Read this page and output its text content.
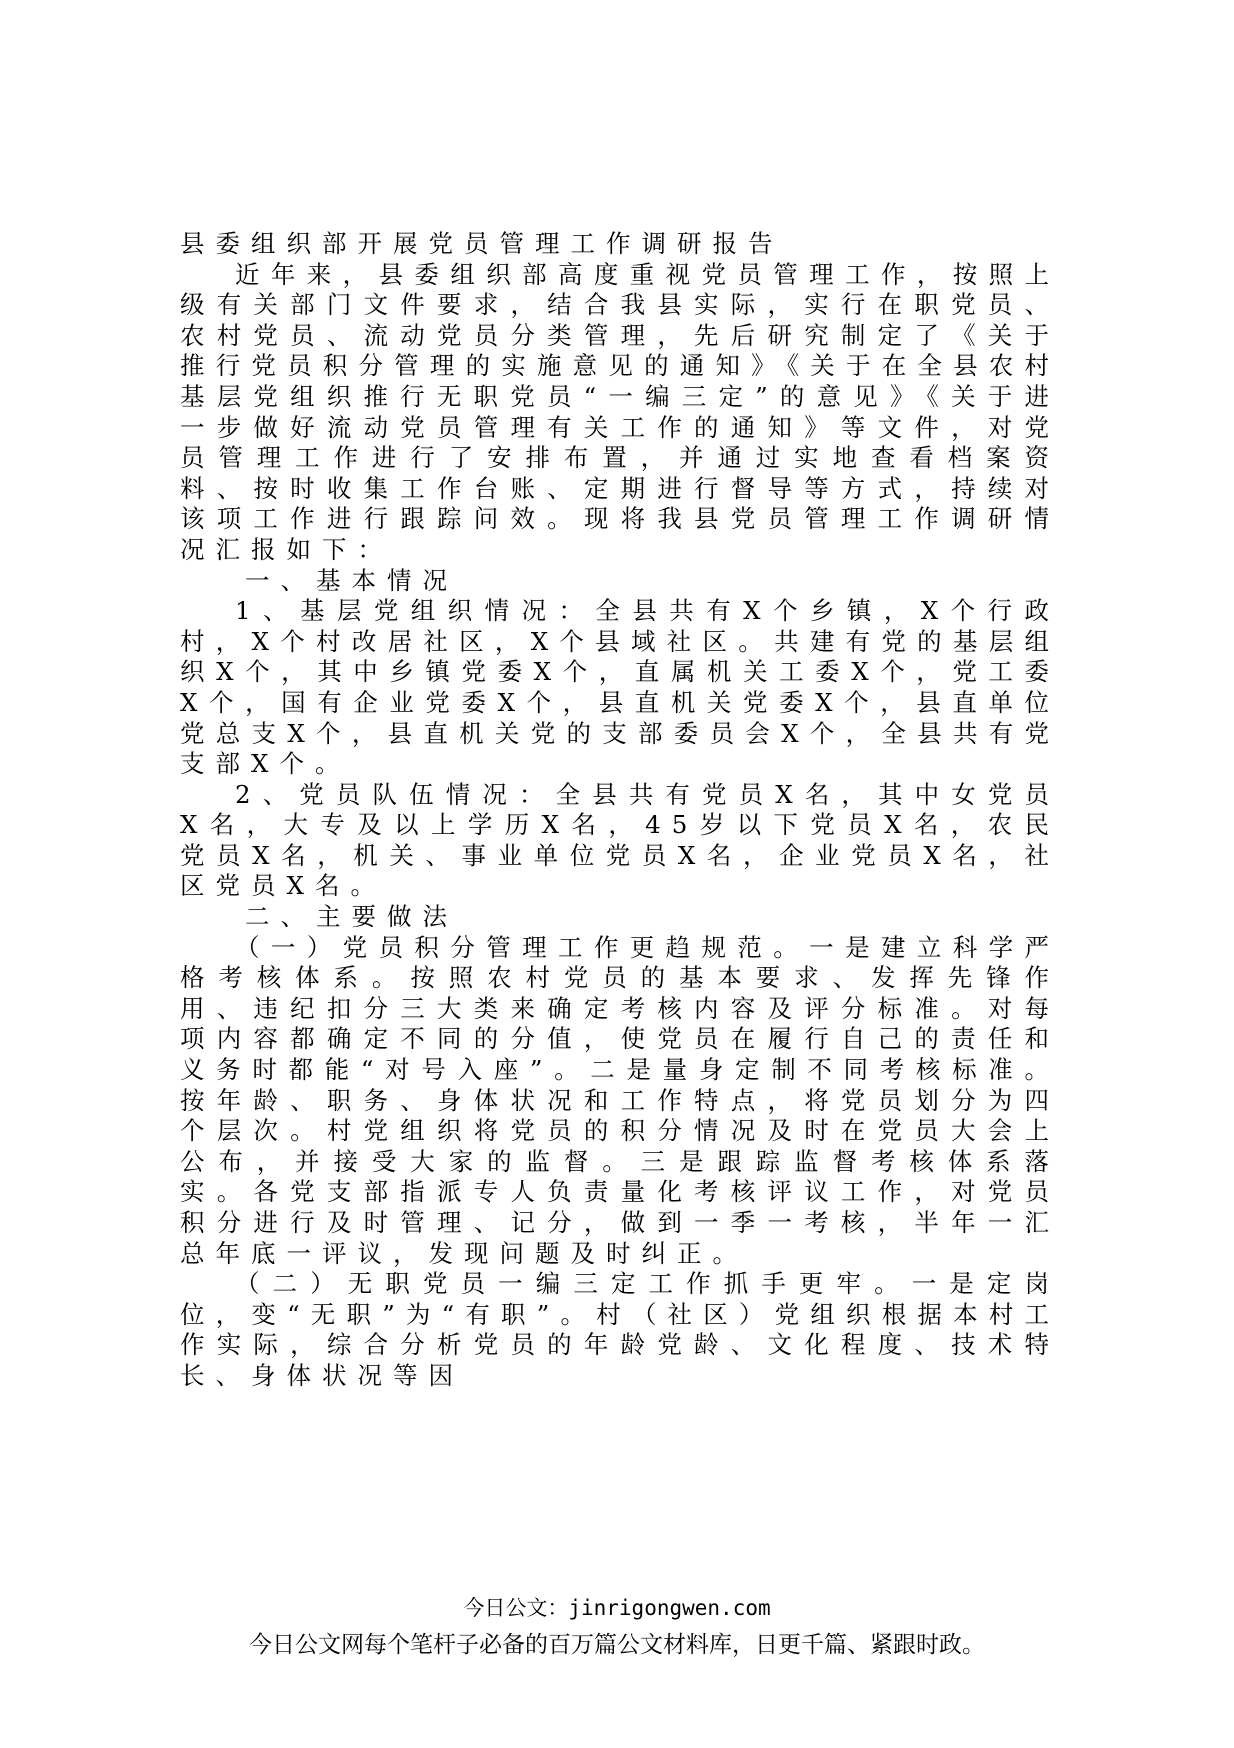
县委组织部开展党员管理工作调研报告

近年来，县委组织部高度重视党员管理工作，按照上级有关部门文件要求，结合我县实际，实行在职党员、农村党员、流动党员分类管理，先后研究制定了《关于推行党员积分管理的实施意见的通知》《关于在全县农村基层党组织推行无职党员“一编三定”的意见》《关于进一步做好流动党员管理有关工作的通知》等文件，对党员管理工作进行了安排布置，并通过实地查看档案资料、按时收集工作台账、定期进行督导等方式，持续对该项工作进行跟踪问效。现将我县党员管理工作调研情况汇报如下：

一、基本情况

1、基层党组织情况：全县共有X个乡镇，X个行政村，X个村改居社区，X个县域社区。共建有党的基层组织X个，其中乡镇党委X个，直属机关工委X个，党工委X个，国有企业党委X个，县直机关党委X个，县直单位党总支X个，县直机关党的支部委员会X个，全县共有党支部X个。

2、党员队伍情况：全县共有党员X名，其中女党员X名，大专及以上学历X名，45岁以下党员X名，农民党员X名，机关、事业单位党员X名，企业党员X名，社区党员X名。

二、主要做法

（一）党员积分管理工作更趋规范。一是建立科学严格考核体系。按照农村党员的基本要求、发挥先锋作用、违纪扣分三大类来确定考核内容及评分标准。对每项内容都确定不同的分值，使党员在履行自己的责任和义务时都能“对号入座”。二是量身定制不同考核标准。按年龄、职务、身体状况和工作特点，将党员划分为四个层次。村党组织将党员的积分情况及时在党员大会上公布，并接受大家的监督。三是跟踪监督考核体系落实。各党支部指派专人负责量化考核评议工作，对党员积分进行及时管理、记分，做到一季一考核，半年一汇总年底一评议，发现问题及时纠正。

（二）无职党员一编三定工作抓手更牢。一是定岗位，变“无职”为“有职”。村（社区）党组织根据本村工作实际，综合分析党员的年龄党龄、文化程度、技术特长、身体状况等因

今日公文：jinrigongwen.com
今日公文网每个笔杆子必备的百万篇公文材料库，日更千篇、紧跟时政。
